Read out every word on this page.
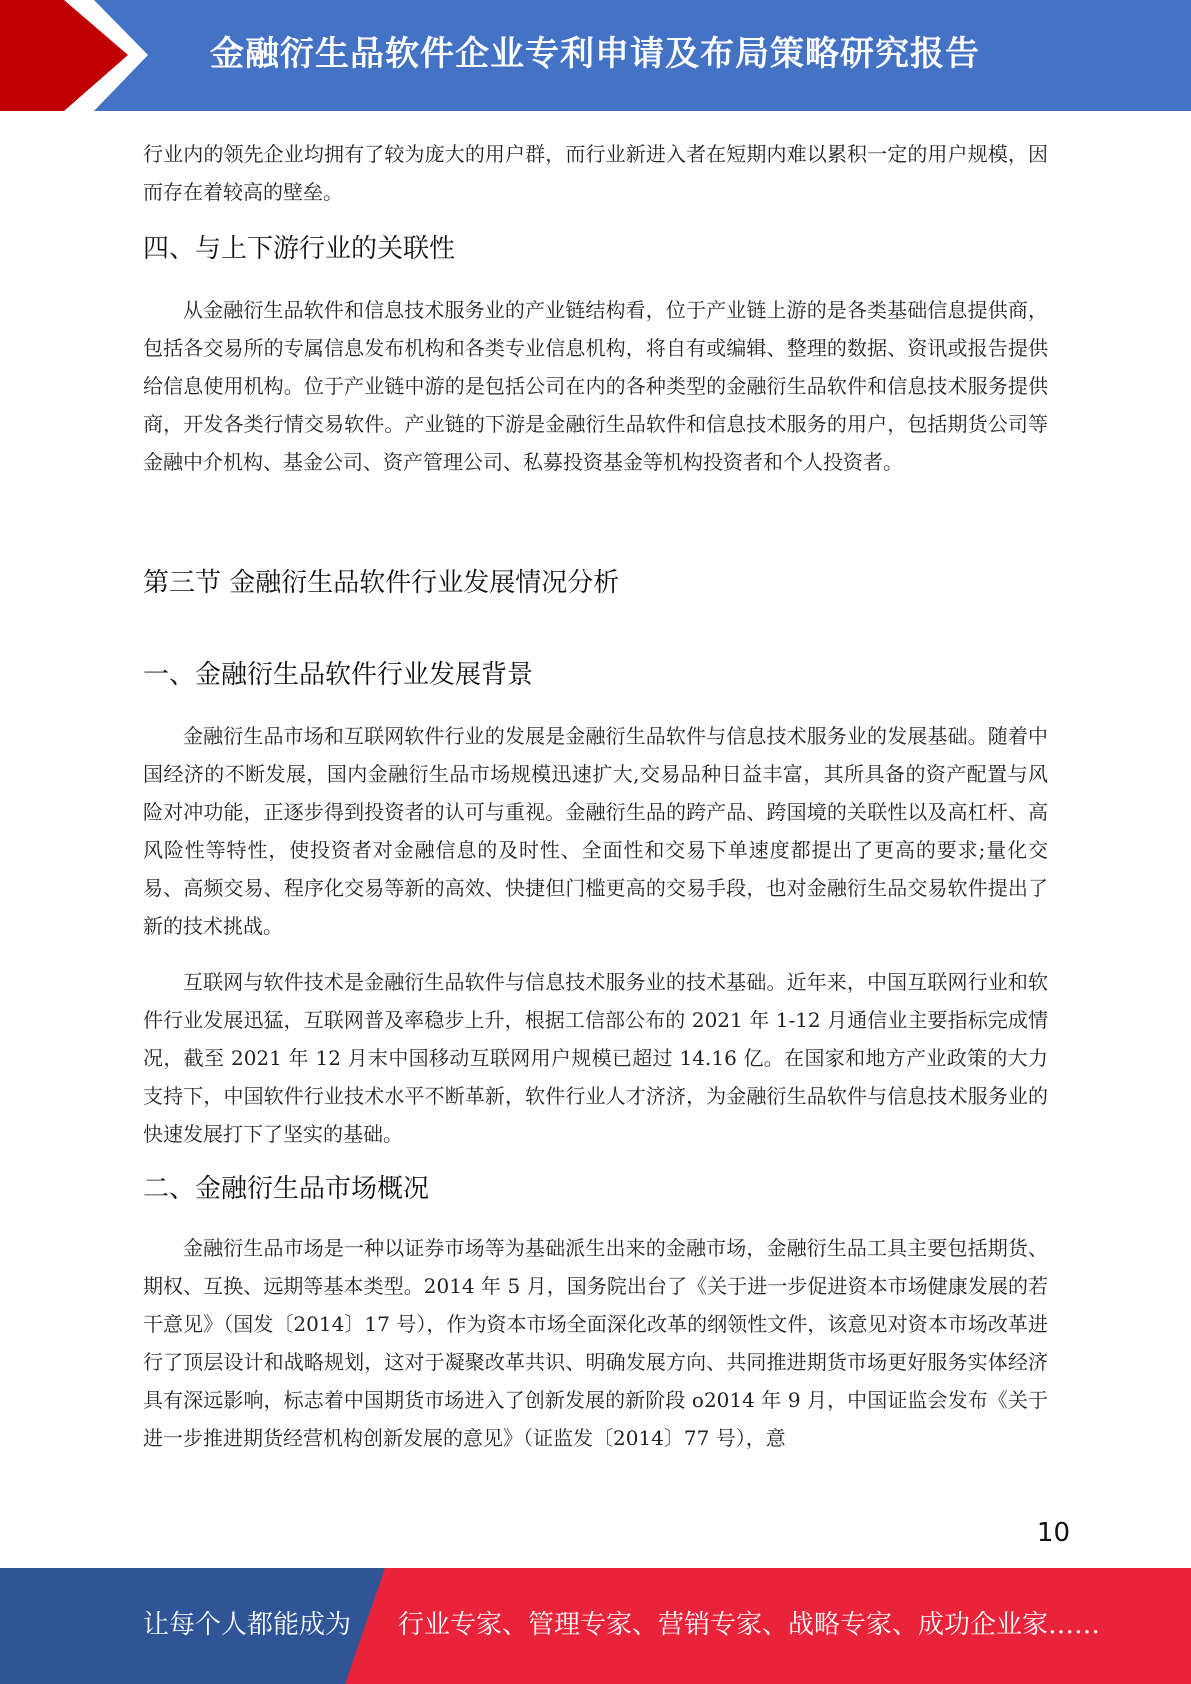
金融衍生品软件企业专利申请及布局策略研究报告

行业内的领先企业均拥有了较为庞大的用户群，而行业新进入者在短期内难以累积一定的用户规模，因而存在着较高的壁垒。

四、与上下游行业的关联性

从金融衍生品软件和信息技术服务业的产业链结构看，位于产业链上游的是各类基础信息提供商，包括各交易所的专属信息发布机构和各类专业信息机构，将自有或编辑、整理的数据、资讯或报告提供给信息使用机构。位于产业链中游的是包括公司在内的各种类型的金融衍生品软件和信息技术服务提供商，开发各类行情交易软件。产业链的下游是金融衍生品软件和信息技术服务的用户，包括期货公司等金融中介机构、基金公司、资产管理公司、私募投资基金等机构投资者和个人投资者。

第三节 金融衍生品软件行业发展情况分析
一、金融衍生品软件行业发展背景

金融衍生品市场和互联网软件行业的发展是金融衍生品软件与信息技术服务业的发展基础。随着中国经济的不断发展，国内金融衍生品市场规模迅速扩大,交易品种日益丰富，其所具备的资产配置与风险对冲功能，正逐步得到投资者的认可与重视。金融衍生品的跨产品、跨国境的关联性以及高杠杆、高风险性等特性，使投资者对金融信息的及时性、全面性和交易下单速度都提出了更高的要求;量化交易、高频交易、程序化交易等新的高效、快捷但门槛更高的交易手段，也对金融衍生品交易软件提出了新的技术挑战。

互联网与软件技术是金融衍生品软件与信息技术服务业的技术基础。近年来，中国互联网行业和软件行业发展迅猛，互联网普及率稳步上升，根据工信部公布的 2021 年 1-12 月通信业主要指标完成情况，截至 2021 年 12 月末中国移动互联网用户规模已超过 14.16 亿。在国家和地方产业政策的大力支持下，中国软件行业技术水平不断革新，软件行业人才济济，为金融衍生品软件与信息技术服务业的快速发展打下了坚实的基础。

二、金融衍生品市场概况

金融衍生品市场是一种以证券市场等为基础派生出来的金融市场，金融衍生品工具主要包括期货、期权、互换、远期等基本类型。2014 年 5 月，国务院出台了《关于进一步促进资本市场健康发展的若干意见》（国发〔2014〕17 号），作为资本市场全面深化改革的纲领性文件，该意见对资本市场改革进行了顶层设计和战略规划，这对于凝聚改革共识、明确发展方向、共同推进期货市场更好服务实体经济具有深远影响，标志着中国期货市场进入了创新发展的新阶段 o2014 年 9 月，中国证监会发布《关于进一步推进期货经营机构创新发展的意见》（证监发〔2014〕77 号），意

10
让每个人都能成为 行业专家、管理专家、营销专家、战略专家、成功企业家……
